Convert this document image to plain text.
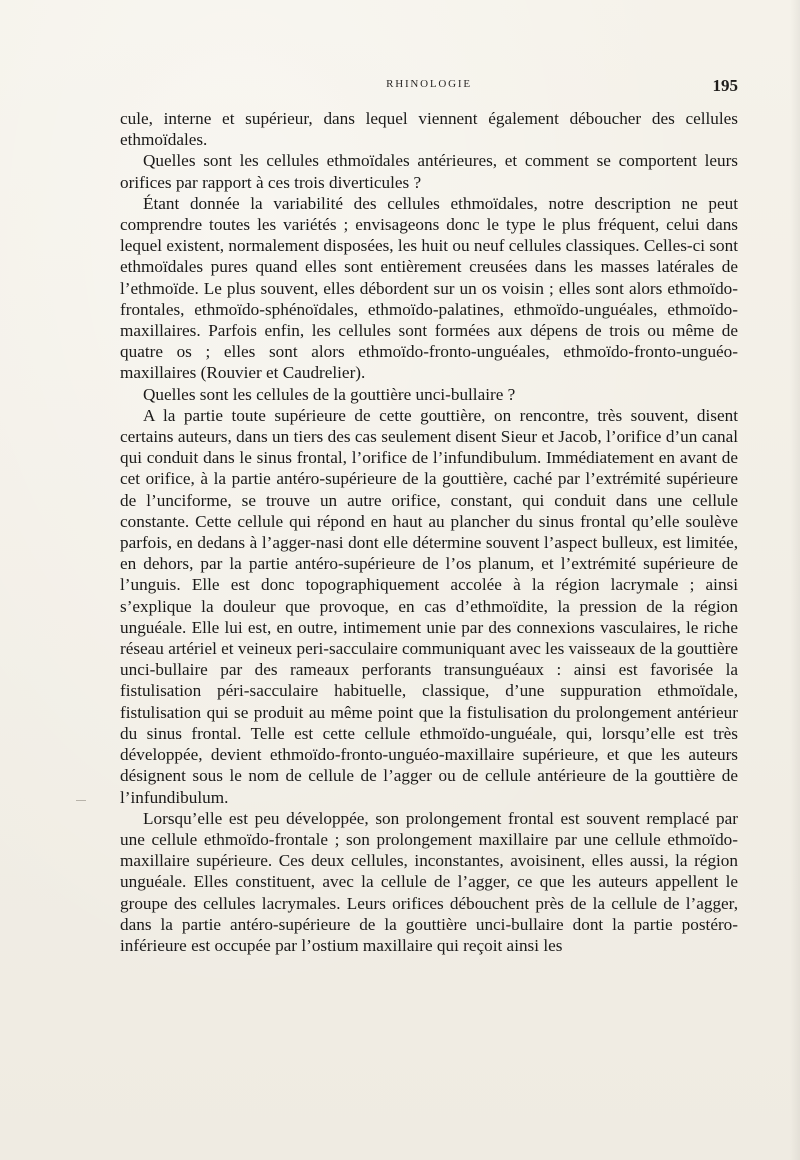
RHINOLOGIE	195

cule, interne et supérieur, dans lequel viennent également déboucher des cellules ethmoïdales.

Quelles sont les cellules ethmoïdales antérieures, et comment se comportent leurs orifices par rapport à ces trois diverticules ?

Étant donnée la variabilité des cellules ethmoïdales, notre description ne peut comprendre toutes les variétés ; envisageons donc le type le plus fréquent, celui dans lequel existent, normalement disposées, les huit ou neuf cellules classiques. Celles-ci sont ethmoïdales pures quand elles sont entièrement creusées dans les masses latérales de l’ethmoïde. Le plus souvent, elles débordent sur un os voisin ; elles sont alors ethmoïdo-frontales, ethmoïdo-sphénoïdales, ethmoïdo-palatines, ethmoïdo-unguéales, ethmoïdo-maxillaires. Parfois enfin, les cellules sont formées aux dépens de trois ou même de quatre os ; elles sont alors ethmoïdo-fronto-unguéales, ethmoïdo-fronto-unguéo-maxillaires (Rouvier et Caudrelier).

Quelles sont les cellules de la gouttière unci-bullaire ?

A la partie toute supérieure de cette gouttière, on rencontre, très souvent, disent certains auteurs, dans un tiers des cas seulement disent Sieur et Jacob, l’orifice d’un canal qui conduit dans le sinus frontal, l’orifice de l’infundibulum. Immédiatement en avant de cet orifice, à la partie antéro-supérieure de la gouttière, caché par l’extrémité supérieure de l’unciforme, se trouve un autre orifice, constant, qui conduit dans une cellule constante. Cette cellule qui répond en haut au plancher du sinus frontal qu’elle soulève parfois, en dedans à l’agger-nasi dont elle détermine souvent l’aspect bulleux, est limitée, en dehors, par la partie antéro-supérieure de l’os planum, et l’extrémité supérieure de l’unguis. Elle est donc topographiquement accolée à la région lacrymale ; ainsi s’explique la douleur que provoque, en cas d’ethmoïdite, la pression de la région unguéale. Elle lui est, en outre, intimement unie par des connexions vasculaires, le riche réseau artériel et veineux peri-sacculaire communiquant avec les vaisseaux de la gouttière unci-bullaire par des rameaux perforants transunguéaux : ainsi est favorisée la fistulisation péri-sacculaire habituelle, classique, d’une suppuration ethmoïdale, fistulisation qui se produit au même point que la fistulisation du prolongement antérieur du sinus frontal. Telle est cette cellule ethmoïdo-unguéale, qui, lorsqu’elle est très développée, devient ethmoïdo-fronto-unguéo-maxillaire supérieure, et que les auteurs désignent sous le nom de cellule de l’agger ou de cellule antérieure de la gouttière de l’infundibulum.

Lorsqu’elle est peu développée, son prolongement frontal est souvent remplacé par une cellule ethmoïdo-frontale ; son prolongement maxillaire par une cellule ethmoïdo-maxillaire supérieure. Ces deux cellules, inconstantes, avoisinent, elles aussi, la région unguéale. Elles constituent, avec la cellule de l’agger, ce que les auteurs appellent le groupe des cellules lacrymales. Leurs orifices débouchent près de la cellule de l’agger, dans la partie antéro-supérieure de la gouttière unci-bullaire dont la partie postéro-inférieure est occupée par l’ostium maxillaire qui reçoit ainsi les
